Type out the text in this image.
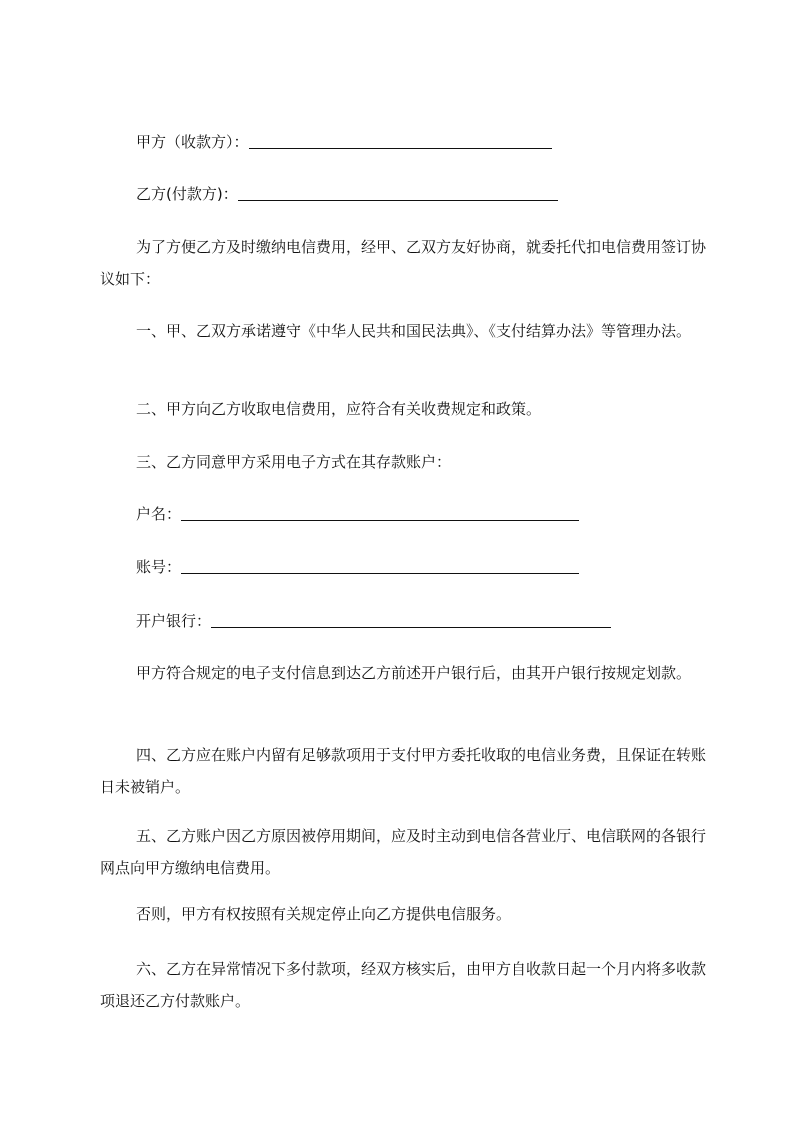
甲方（收款方）：
乙方(付款方)：

为了方便乙方及时缴纳电信费用，经甲、乙双方友好协商，就委托代扣电信费用签订协议如下：

一、甲、乙双方承诺遵守《中华人民共和国民法典》、《支付结算办法》等管理办法。

二、甲方向乙方收取电信费用，应符合有关收费规定和政策。

三、乙方同意甲方采用电子方式在其存款账户：

户名：
账号：
开户银行：

甲方符合规定的电子支付信息到达乙方前述开户银行后，由其开户银行按规定划款。

四、乙方应在账户内留有足够款项用于支付甲方委托收取的电信业务费，且保证在转账日未被销户。

五、乙方账户因乙方原因被停用期间，应及时主动到电信各营业厅、电信联网的各银行网点向甲方缴纳电信费用。

否则，甲方有权按照有关规定停止向乙方提供电信服务。

六、乙方在异常情况下多付款项，经双方核实后，由甲方自收款日起一个月内将多收款项退还乙方付款账户。
